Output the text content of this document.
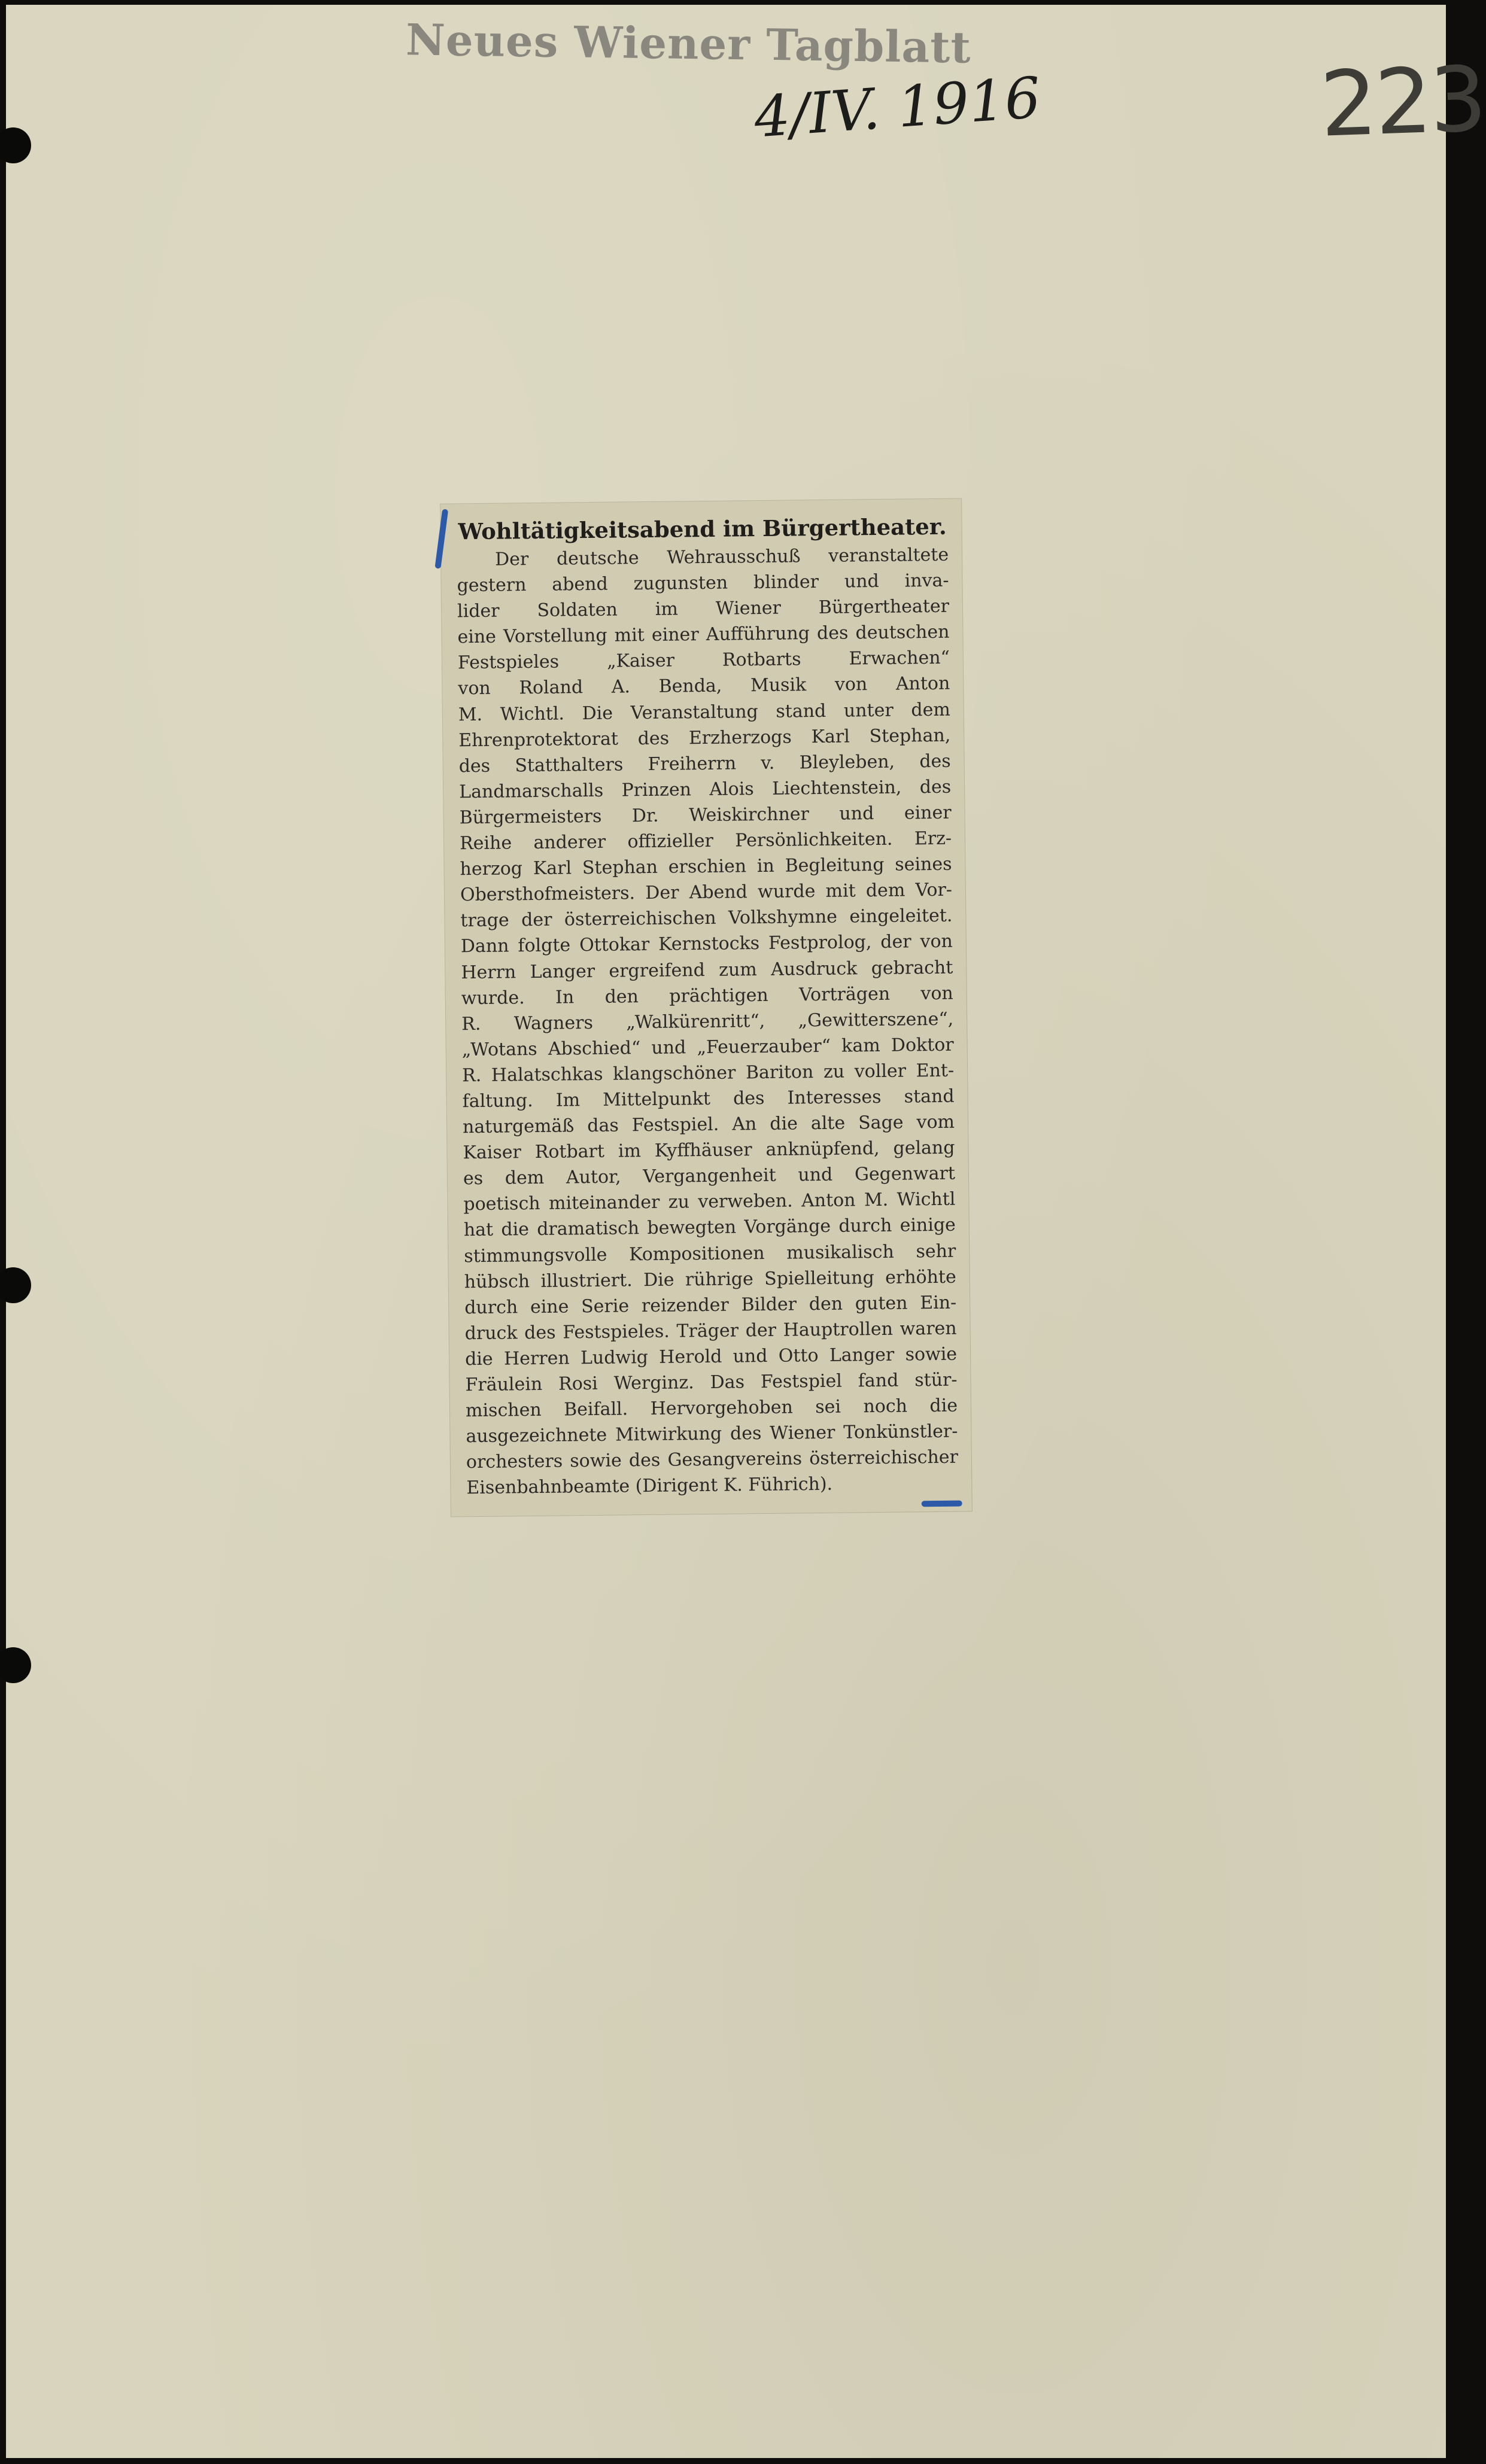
Neues Wiener Tagblatt
4/IV. 1916	223
Wohltätigkeitsabend im Bürgertheater.
Der deutsche Wehrausschuß veranstaltete
gestern abend zugunsten blinder und inva-
lider Soldaten im Wiener Bürgertheater
eine Vorstellung mit einer Aufführung des deutschen
Festspieles „Kaiser Rotbarts Erwachen“
von Roland A. Benda, Musik von Anton
M. Wichtl. Die Veranstaltung stand unter dem
Ehrenprotektorat des Erzherzogs Karl Stephan,
des Statthalters Freiherrn v. Bleyleben, des
Landmarschalls Prinzen Alois Liechtenstein, des
Bürgermeisters Dr. Weiskirchner und einer
Reihe anderer offizieller Persönlichkeiten. Erz-
herzog Karl Stephan erschien in Begleitung seines
Obersthofmeisters. Der Abend wurde mit dem Vor-
trage der österreichischen Volkshymne eingeleitet.
Dann folgte Ottokar Kernstocks Festprolog, der von
Herrn Langer ergreifend zum Ausdruck gebracht
wurde. In den prächtigen Vorträgen von
R. Wagners „Walkürenritt“, „Gewitterszene“,
„Wotans Abschied“ und „Feuerzauber“ kam Doktor
R. Halatschkas klangschöner Bariton zu voller Ent-
faltung. Im Mittelpunkt des Interesses stand
naturgemäß das Festspiel. An die alte Sage vom
Kaiser Rotbart im Kyffhäuser anknüpfend, gelang
es dem Autor, Vergangenheit und Gegenwart
poetisch miteinander zu verweben. Anton M. Wichtl
hat die dramatisch bewegten Vorgänge durch einige
stimmungsvolle Kompositionen musikalisch sehr
hübsch illustriert. Die rührige Spielleitung erhöhte
durch eine Serie reizender Bilder den guten Ein-
druck des Festspieles. Träger der Hauptrollen waren
die Herren Ludwig Herold und Otto Langer sowie
Fräulein Rosi Werginz. Das Festspiel fand stür-
mischen Beifall. Hervorgehoben sei noch die
ausgezeichnete Mitwirkung des Wiener Tonkünstler-
orchesters sowie des Gesangvereins österreichischer
Eisenbahnbeamte (Dirigent K. Führich).
